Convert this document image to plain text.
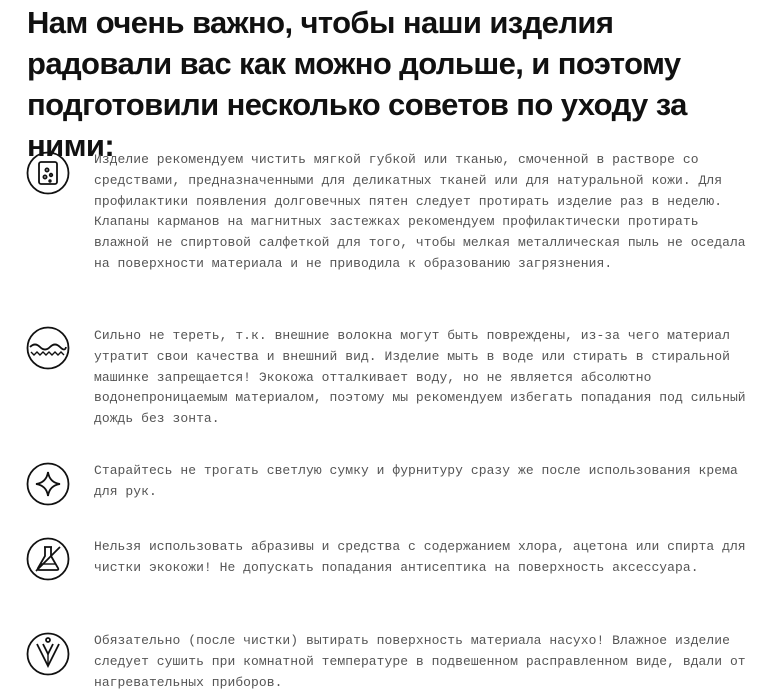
Нам очень важно, чтобы наши изделия радовали вас как можно дольше, и поэтому подготовили несколько советов по уходу за ними:

Изделие рекомендуем чистить мягкой губкой или тканью, смоченной в растворе со средствами, предназначенными для деликатных тканей или для натуральной кожи. Для профилактики появления долговечных пятен следует протирать изделие раз в неделю. Клапаны карманов на магнитных застежках рекомендуем профилактически протирать влажной не спиртовой салфеткой для того, чтобы мелкая металлическая пыль не оседала на поверхности материала и не приводила к образованию загрязнения.

Сильно не тереть, т.к. внешние волокна могут быть повреждены, из-за чего материал утратит свои качества и внешний вид. Изделие мыть в воде или стирать в стиральной машинке запрещается! Экокожа отталкивает воду, но не является абсолютно водонепроницаемым материалом, поэтому мы рекомендуем избегать попадания под сильный дождь без зонта.

Старайтесь не трогать светлую сумку и фурнитуру сразу же после использования крема для рук.

Нельзя использовать абразивы и средства с содержанием хлора, ацетона или спирта для чистки экокожи! Не допускать попадания антисептика на поверхность аксессуара.

Обязательно (после чистки) вытирать поверхность материала насухо! Влажное изделие следует сушить при комнатной температуре в подвешенном расправленном виде, вдали от нагревательных приборов.
